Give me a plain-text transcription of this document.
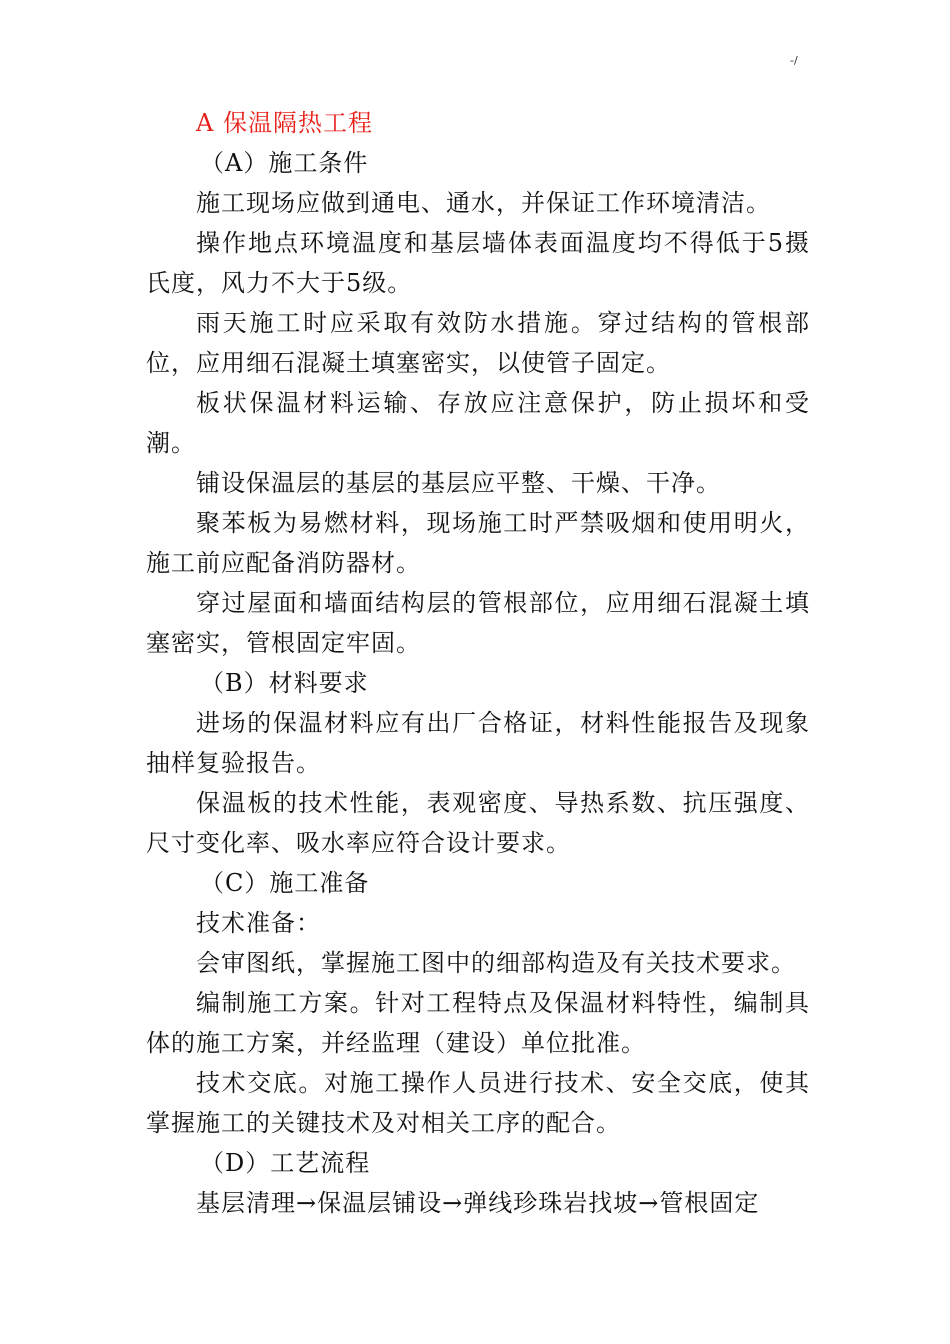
-/

A 保温隔热工程

（A）施工条件

施工现场应做到通电、通水，并保证工作环境清洁。

操作地点环境温度和基层墙体表面温度均不得低于5摄氏度，风力不大于5级。

雨天施工时应采取有效防水措施。穿过结构的管根部位，应用细石混凝土填塞密实，以使管子固定。

板状保温材料运输、存放应注意保护，防止损坏和受潮。

铺设保温层的基层的基层应平整、干燥、干净。

聚苯板为易燃材料，现场施工时严禁吸烟和使用明火，施工前应配备消防器材。

穿过屋面和墙面结构层的管根部位，应用细石混凝土填塞密实，管根固定牢固。

（B）材料要求

进场的保温材料应有出厂合格证，材料性能报告及现象抽样复验报告。

保温板的技术性能，表观密度、导热系数、抗压强度、尺寸变化率、吸水率应符合设计要求。

（C）施工准备

技术准备：

会审图纸，掌握施工图中的细部构造及有关技术要求。

编制施工方案。针对工程特点及保温材料特性，编制具体的施工方案，并经监理（建设）单位批准。

技术交底。对施工操作人员进行技术、安全交底，使其掌握施工的关键技术及对相关工序的配合。

（D）工艺流程

基层清理→保温层铺设→弹线珍珠岩找坡→管根固定
